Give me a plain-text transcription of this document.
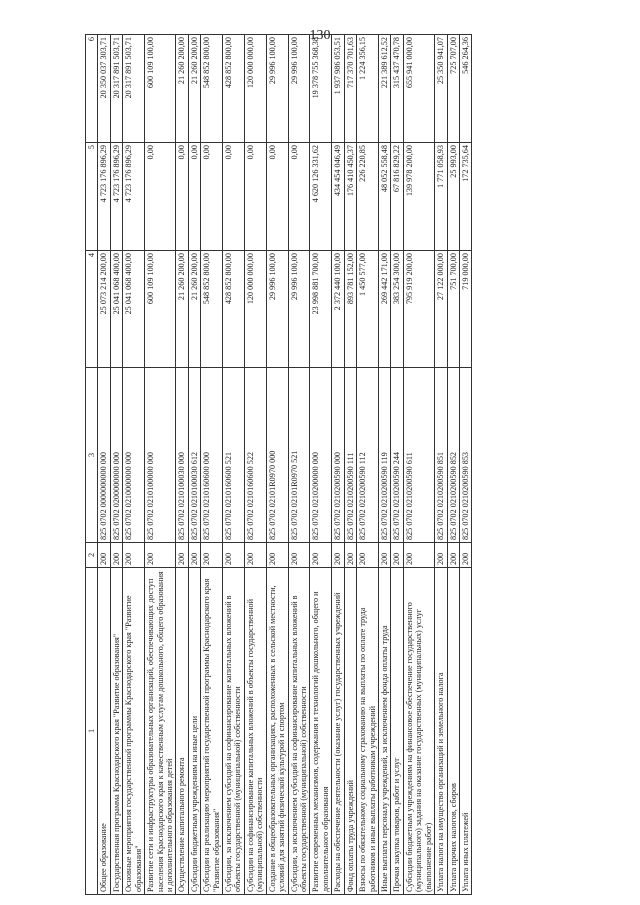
130
1	2	3	4	5	6
Общее образование	200	825 0702 0000000000 000	25 073 214 200,00	4 723 176 896,29	20 350 037 303,71
Государственная программа Краснодарского края "Развитие образования"	200	825 0702 0200000000 000	25 041 068 400,00	4 723 176 896,29	20 317 891 503,71
Основные мероприятия государственной программы Краснодарского края "Развитие образования"	200	825 0702 0210000000 000	25 041 068 400,00	4 723 176 896,29	20 317 891 503,71
Развитие сети и инфраструктуры образовательных организаций, обеспечивающих доступ населения Краснодарского края к качественным услугам дошкольного, общего образования и дополнительного образования детей	200	825 0702 0210100000 000	600 109 100,00	0,00	600 109 100,00
Осуществление капитального ремонта	200	825 0702 0210100030 000	21 260 200,00	0,00	21 260 200,00
Субсидии бюджетным учреждениям на иные цели	200	825 0702 0210100030 612	21 260 200,00	0,00	21 260 200,00
Субсидии на реализацию мероприятий государственной программы Краснодарского края "Развитие образования"	200	825 0702 0210160600 000	548 852 800,00	0,00	548 852 800,00
Субсидии, за исключением субсидий на софинансирование капитальных вложений в объекты государственной (муниципальной) собственности	200	825 0702 0210160600 521	428 852 800,00	0,00	428 852 800,00
Субсидии на софинансирование капитальных вложений в объекты государственной (муниципальной) собственности	200	825 0702 0210160600 522	120 000 000,00	0,00	120 000 000,00
Создание в общеобразовательных организациях, расположенных в сельской местности, условий для занятий физической культурой и спортом	200	825 0702 02101R0970 000	29 996 100,00	0,00	29 996 100,00
Субсидии, за исключением субсидий на софинансирование капитальных вложений в объекты государственной (муниципальной) собственности	200	825 0702 02101R0970 521	29 996 100,00	0,00	29 996 100,00
Развитие современных механизмов, содержания и технологий дошкольного, общего и дополнительного образования	200	825 0702 0210200000 000	23 998 881 700,00	4 620 126 331,62	19 378 755 368,38
Расходы на обеспечение деятельности (оказание услуг) государственных учреждений	200	825 0702 0210200590 000	2 372 440 100,00	434 454 046,49	1 937 986 053,51
Фонд оплаты труда учреждений	200	825 0702 0210200590 111	893 781 152,00	176 410 450,37	717 370 701,63
Взносы по обязательному социальному страхованию на выплаты по оплате труда работников и иные выплаты работникам учреждений	200	825 0702 0210200590 112	1 450 577,00	226 220,85	1 224 356,15
Иные выплаты персоналу учреждений, за исключением фонда оплаты труда	200	825 0702 0210200590 119	269 442 171,00	48 052 558,48	221 389 612,52
Прочая закупка товаров, работ и услуг	200	825 0702 0210200590 244	383 254 300,00	67 816 829,22	315 437 470,78
Субсидии бюджетным учреждениям на финансовое обеспечение государственного (муниципального) задания на оказание государственных (муниципальных) услуг (выполнение работ)	200	825 0702 0210200590 611	795 919 200,00	139 978 200,00	655 941 000,00
Уплата налога на имущество организаций и земельного налога	200	825 0702 0210200590 851	27 122 000,00	1 771 058,93	25 350 941,07
Уплата прочих налогов, сборов	200	825 0702 0210200590 852	751 700,00	25 993,00	725 707,00
Уплата иных платежей	200	825 0702 0210200590 853	719 000,00	172 735,64	546 264,36
